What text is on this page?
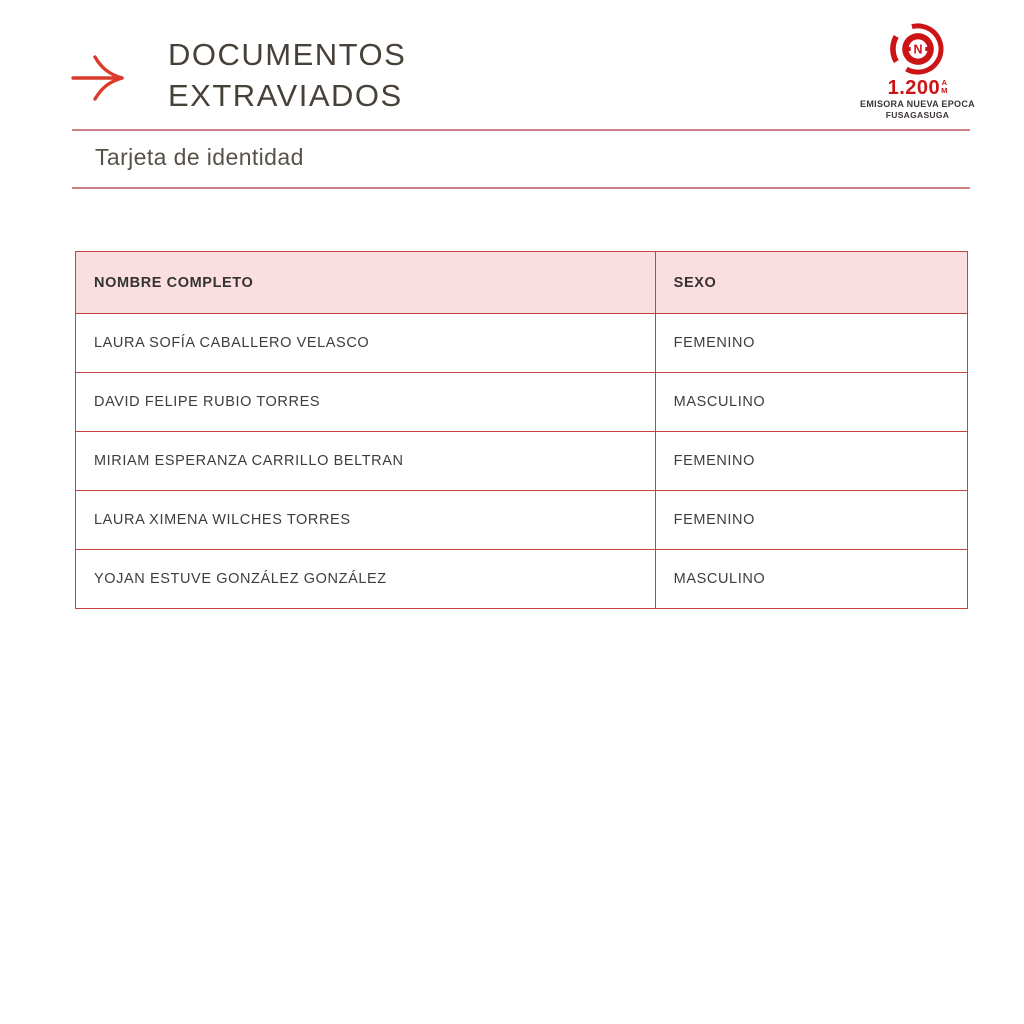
DOCUMENTOS
EXTRAVIADOS
N
1.200 A
M
EMISORA NUEVA EPOCA
FUSAGASUGA
Tarjeta de identidad
NOMBRE COMPLETO	SEXO
LAURA SOFÍA CABALLERO VELASCO	FEMENINO
DAVID FELIPE RUBIO TORRES	MASCULINO
MIRIAM ESPERANZA CARRILLO BELTRAN	FEMENINO
LAURA XIMENA WILCHES TORRES	FEMENINO
YOJAN ESTUVE GONZÁLEZ GONZÁLEZ	MASCULINO
